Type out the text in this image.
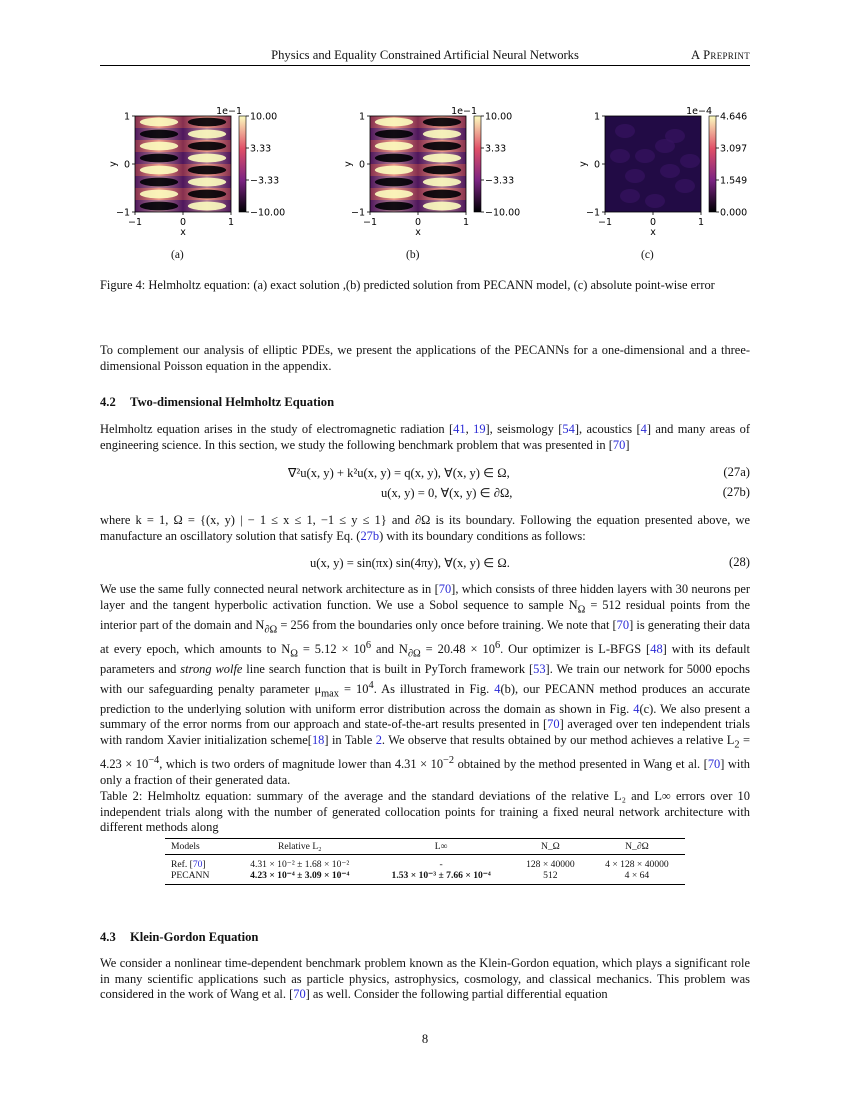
Physics and Equality Constrained Artificial Neural Networks	A Preprint
1
0
−1
−1	0	1
x
y
1e−1 10.00
3.33
−3.33
−10.00
(a)
1
0
−1
−1	0	1
x
y
1e−1 10.00
3.33
−3.33
−10.00
(b)
1
0
−1
−1	0	1
x
y
1e−4 4.646
3.097
1.549
0.000
(c)
Figure 4: Helmholtz equation: (a) exact solution ,(b) predicted solution from PECANN model, (c) absolute point-wise error
To complement our analysis of elliptic PDEs, we present the applications of the PECANNs for a one-dimensional and a three-dimensional Poisson equation in the appendix.
4.2 Two-dimensional Helmholtz Equation
Helmholtz equation arises in the study of electromagnetic radiation [41, 19], seismology [54], acoustics [4] and many areas of engineering science. In this section, we study the following benchmark problem that was presented in [70]
∇²u(x, y) + k²u(x, y) = q(x, y), ∀(x, y) ∈ Ω,	(27a)
u(x, y) = 0, ∀(x, y) ∈ ∂Ω,	(27b)
where k = 1, Ω = {(x, y) | − 1 ≤ x ≤ 1, −1 ≤ y ≤ 1} and ∂Ω is its boundary. Following the equation presented above, we manufacture an oscillatory solution that satisfy Eq. (27b) with its boundary conditions as follows:
u(x, y) = sin(πx) sin(4πy), ∀(x, y) ∈ Ω.	(28)
We use the same fully connected neural network architecture as in [70], which consists of three hidden layers with 30 neurons per layer and the tangent hyperbolic activation function. We use a Sobol sequence to sample $N_\Omega = 512$ residual points from the interior part of the domain and $N_{\partial\Omega} = 256$ from the boundaries only once before training. We note that [70] is generating their data at every epoch, which amounts to $N_\Omega = 5.12 \times 10^6$ and $N_{\partial\Omega} = 20.48 \times 10^6$. Our optimizer is L-BFGS [48] with its default parameters and strong wolfe line search function that is built in PyTorch framework [53]. We train our network for 5000 epochs with our safeguarding penalty parameter $\mu_{max} = 10^4$. As illustrated in Fig. 4(b), our PECANN method produces an accurate prediction to the underlying solution with uniform error distribution across the domain as shown in Fig. 4(c). We also present a summary of the error norms from our approach and state-of-the-art results presented in [70] averaged over ten independent trials with random Xavier initialization scheme[18] in Table 2. We observe that results obtained by our method achieves a relative $L_2 = 4.23 \times 10^{-4}$, which is two orders of magnitude lower than $4.31 \times 10^{-2}$ obtained by the method presented in Wang et al. [70] with only a fraction of their generated data.
Table 2: Helmholtz equation: summary of the average and the standard deviations of the relative L₂ and L∞ errors over 10 independent trials along with the number of generated collocation points for training a fixed neural network architecture with different methods along
Models	Relative L₂	L∞	N_Ω	N_∂Ω
Ref. [70]	4.31 × 10⁻² ± 1.68 × 10⁻²	-	128 × 40000	4 × 128 × 40000
PECANN	4.23 × 10⁻⁴ ± 3.09 × 10⁻⁴	1.53 × 10⁻³ ± 7.66 × 10⁻⁴	512	4 × 64
4.3 Klein-Gordon Equation
We consider a nonlinear time-dependent benchmark problem known as the Klein-Gordon equation, which plays a significant role in many scientific applications such as particle physics, astrophysics, cosmology, and classical mechanics. This problem was considered in the work of Wang et al. [70] as well. Consider the following partial differential equation
8
